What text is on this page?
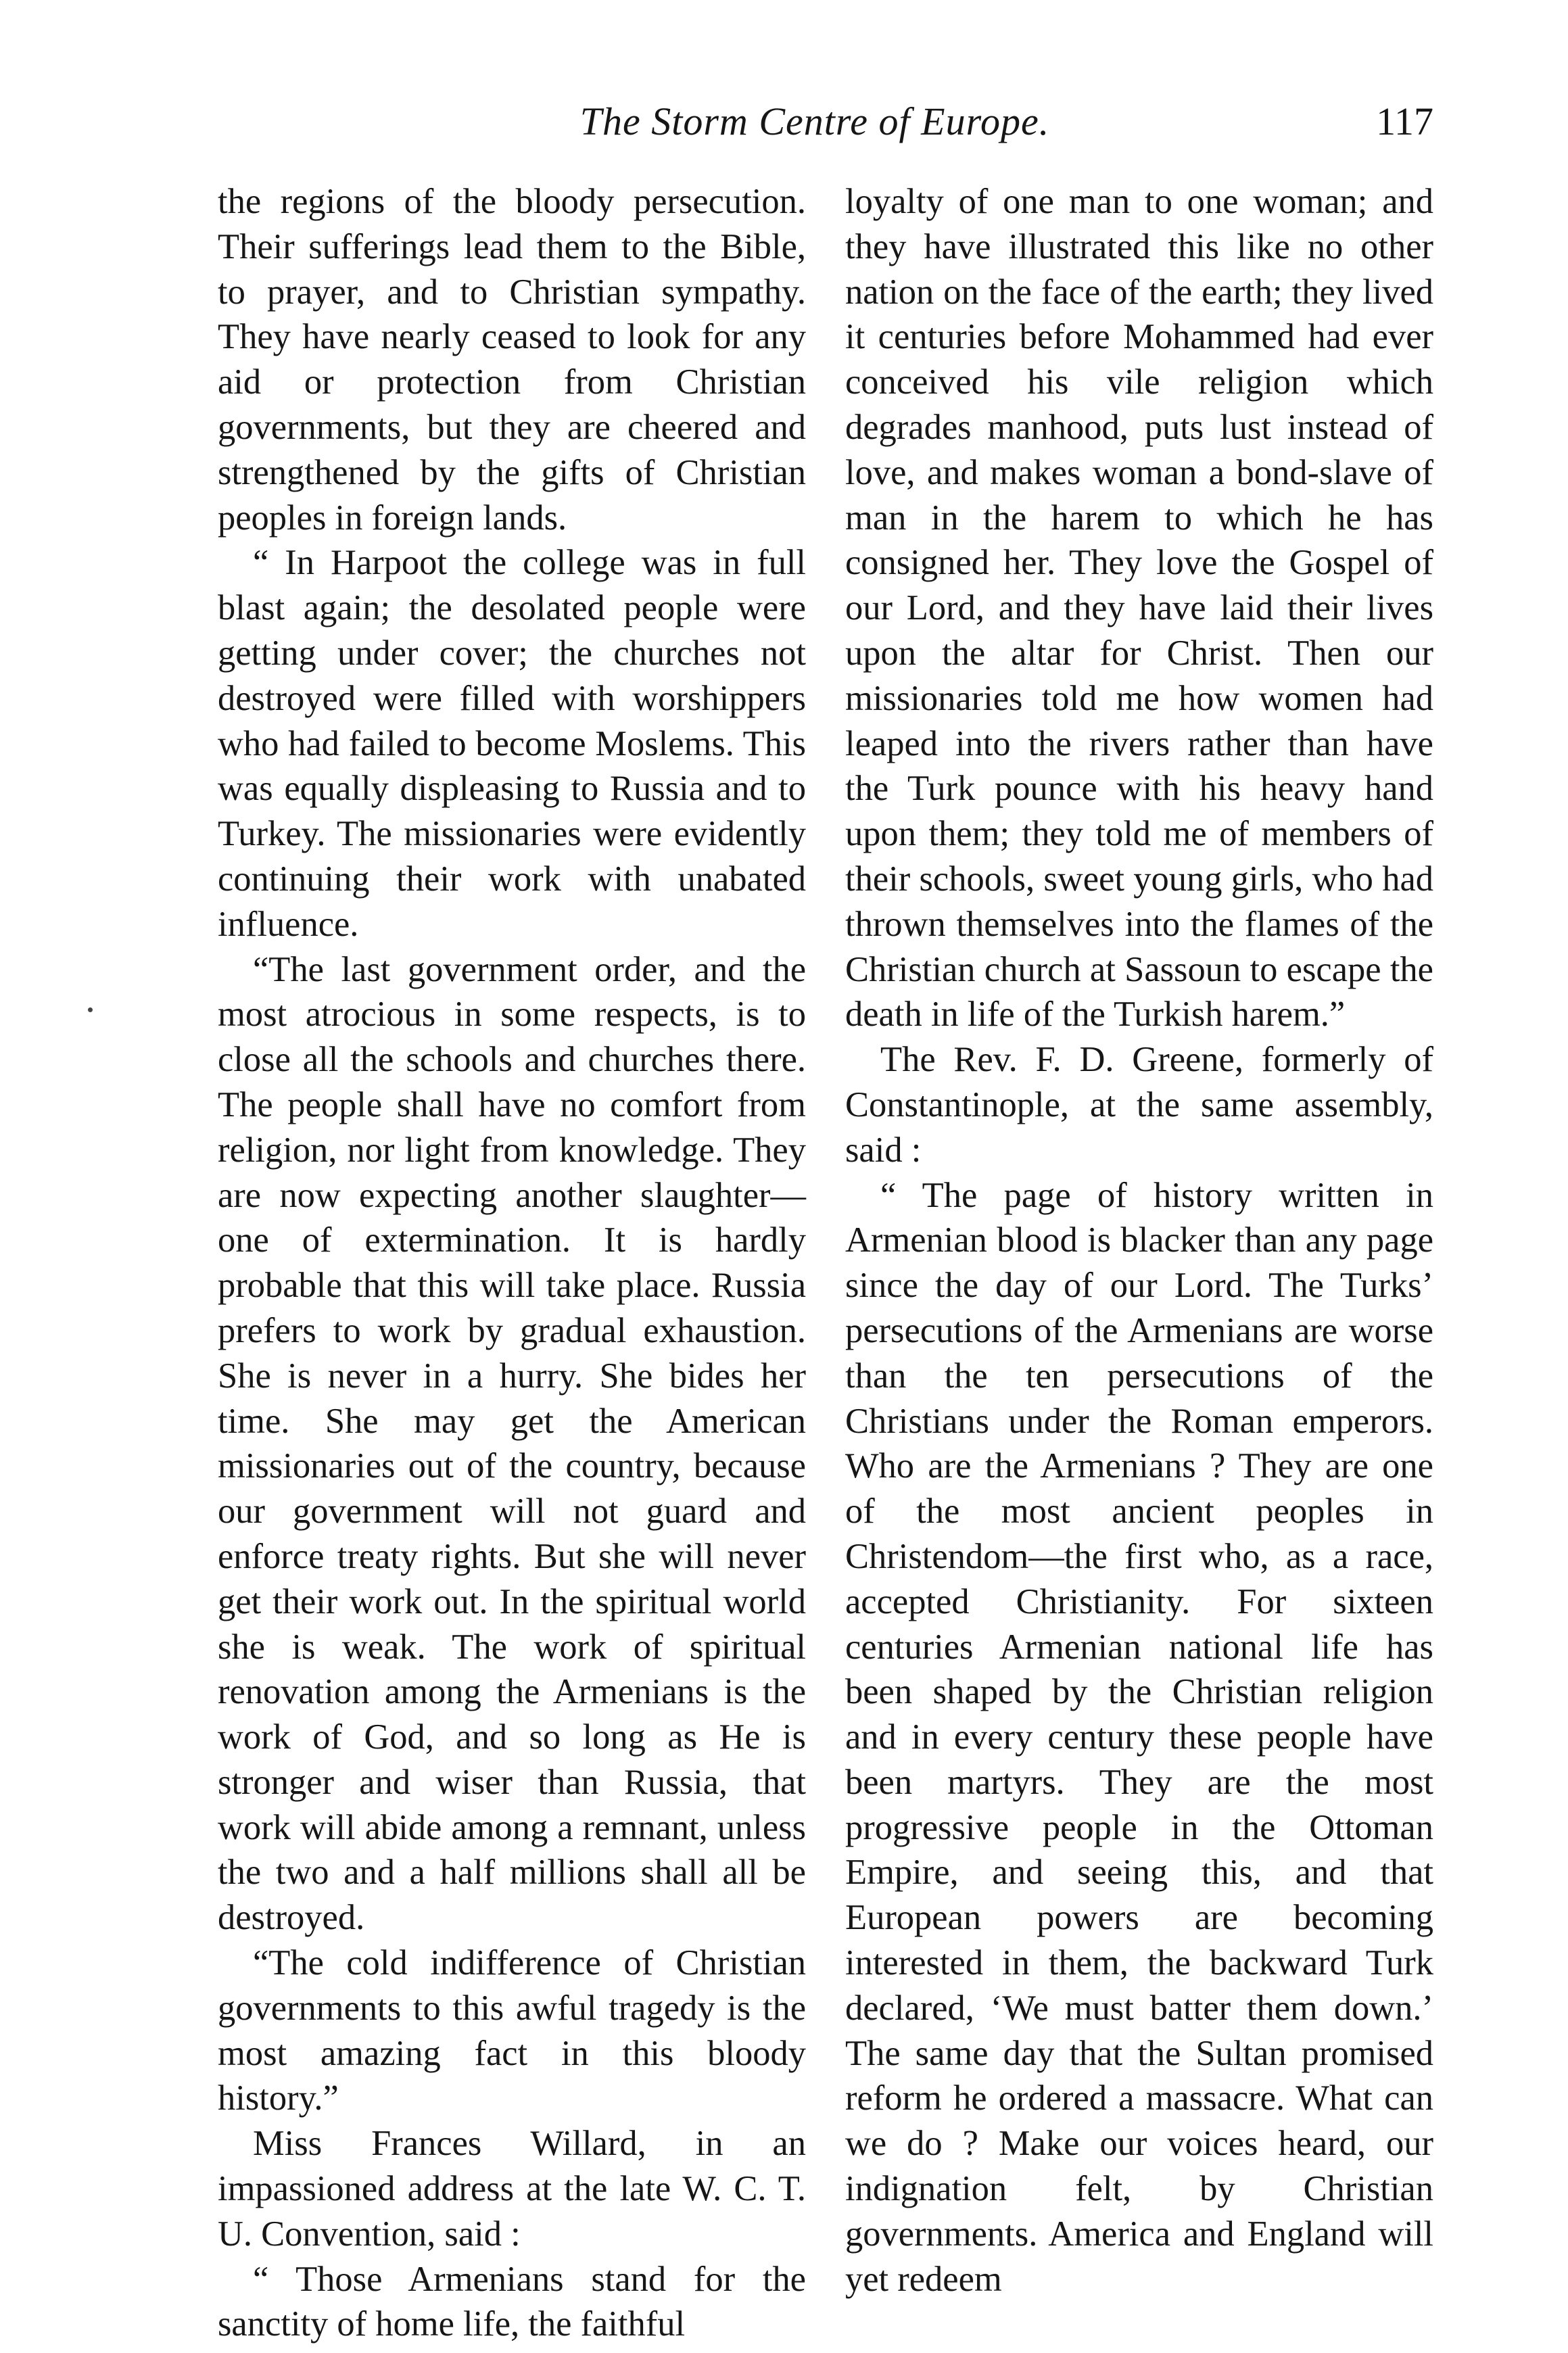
The Storm Centre of Europe.	117

the regions of the bloody persecution. Their sufferings lead them to the Bible, to prayer, and to Christian sympathy. They have nearly ceased to look for any aid or protection from Christian governments, but they are cheered and strengthened by the gifts of Christian peoples in foreign lands.

“ In Harpoot the college was in full blast again; the desolated people were getting under cover; the churches not destroyed were filled with worshippers who had failed to become Moslems. This was equally displeasing to Russia and to Turkey. The missionaries were evidently continuing their work with unabated influence.

“The last government order, and the most atrocious in some respects, is to close all the schools and churches there. The people shall have no comfort from religion, nor light from knowledge. They are now expecting another slaughter—one of extermination. It is hardly probable that this will take place. Russia prefers to work by gradual exhaustion. She is never in a hurry. She bides her time. She may get the American missionaries out of the country, because our government will not guard and enforce treaty rights. But she will never get their work out. In the spiritual world she is weak. The work of spiritual renovation among the Armenians is the work of God, and so long as He is stronger and wiser than Russia, that work will abide among a remnant, unless the two and a half millions shall all be destroyed.

“The cold indifference of Christian governments to this awful tragedy is the most amazing fact in this bloody history.”

Miss Frances Willard, in an impassioned address at the late W. C. T. U. Convention, said :

“ Those Armenians stand for the sanctity of home life, the faithful

loyalty of one man to one woman; and they have illustrated this like no other nation on the face of the earth; they lived it centuries before Mohammed had ever conceived his vile religion which degrades manhood, puts lust instead of love, and makes woman a bond-slave of man in the harem to which he has consigned her. They love the Gospel of our Lord, and they have laid their lives upon the altar for Christ. Then our missionaries told me how women had leaped into the rivers rather than have the Turk pounce with his heavy hand upon them; they told me of members of their schools, sweet young girls, who had thrown themselves into the flames of the Christian church at Sassoun to escape the death in life of the Turkish harem.”

The Rev. F. D. Greene, formerly of Constantinople, at the same assembly, said :

“ The page of history written in Armenian blood is blacker than any page since the day of our Lord. The Turks’ persecutions of the Armenians are worse than the ten persecutions of the Christians under the Roman emperors. Who are the Armenians ? They are one of the most ancient peoples in Christendom—the first who, as a race, accepted Christianity. For sixteen centuries Armenian national life has been shaped by the Christian religion and in every century these people have been martyrs. They are the most progressive people in the Ottoman Empire, and seeing this, and that European powers are becoming interested in them, the backward Turk declared, ‘We must batter them down.’ The same day that the Sultan promised reform he ordered a massacre. What can we do ? Make our voices heard, our indignation felt, by Christian governments. America and England will yet redeem
